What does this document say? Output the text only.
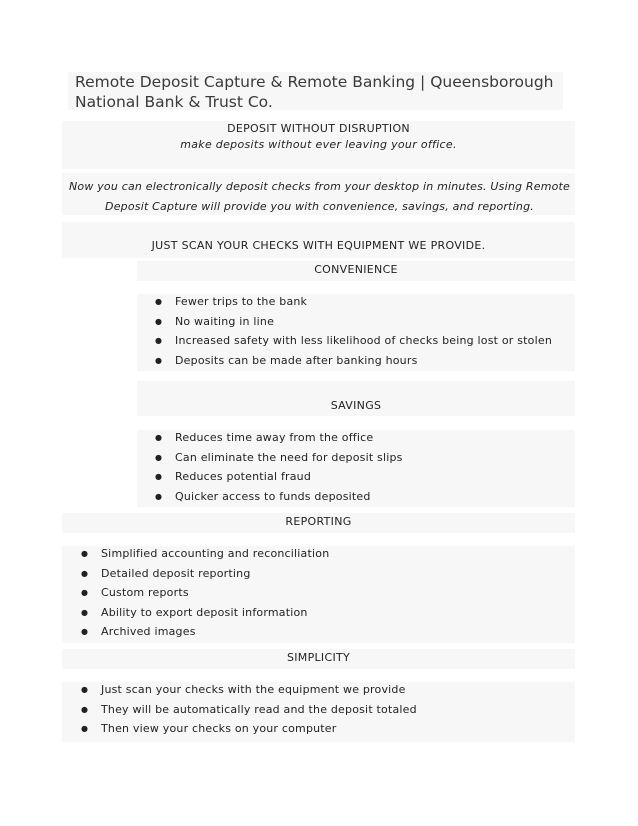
Remote Deposit Capture & Remote Banking | Queensborough National Bank & Trust Co.
DEPOSIT WITHOUT DISRUPTION
make deposits without ever leaving your office.
Now you can electronically deposit checks from your desktop in minutes. Using Remote Deposit Capture will provide you with convenience, savings, and reporting.
JUST SCAN YOUR CHECKS WITH EQUIPMENT WE PROVIDE.
CONVENIENCE
● Fewer trips to the bank
● No waiting in line
● Increased safety with less likelihood of checks being lost or stolen
● Deposits can be made after banking hours
SAVINGS
● Reduces time away from the office
● Can eliminate the need for deposit slips
● Reduces potential fraud
● Quicker access to funds deposited
REPORTING
● Simplified accounting and reconciliation
● Detailed deposit reporting
● Custom reports
● Ability to export deposit information
● Archived images
SIMPLICITY
● Just scan your checks with the equipment we provide
● They will be automatically read and the deposit totaled
● Then view your checks on your computer
